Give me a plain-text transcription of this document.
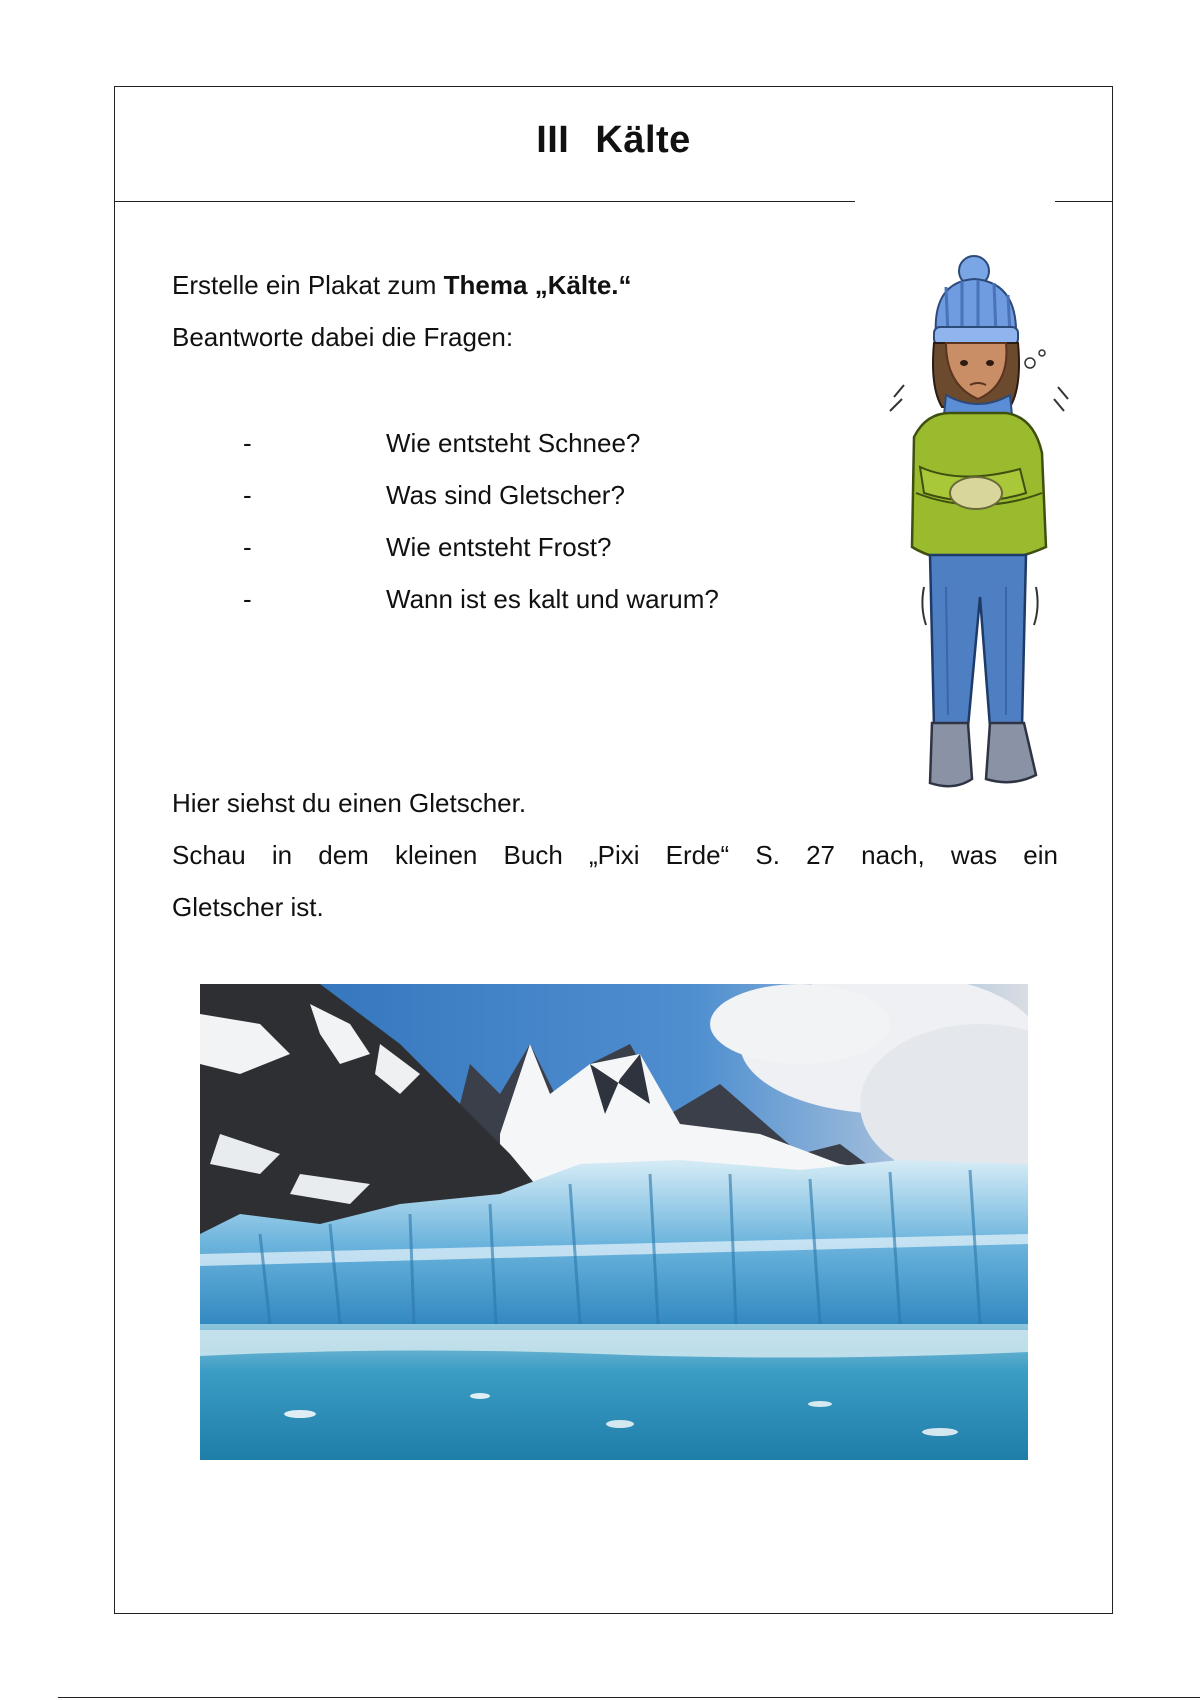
III Kälte
Erstelle ein Plakat zum Thema „Kälte.“
Beantworte dabei die Fragen:
-	Wie entsteht Schnee?
-	Was sind Gletscher?
-	Wie entsteht Frost?
-	Wann ist es kalt und warum?
Hier siehst du einen Gletscher.
Schau in dem kleinen Buch „Pixi Erde“ S. 27 nach, was ein
Gletscher ist.
